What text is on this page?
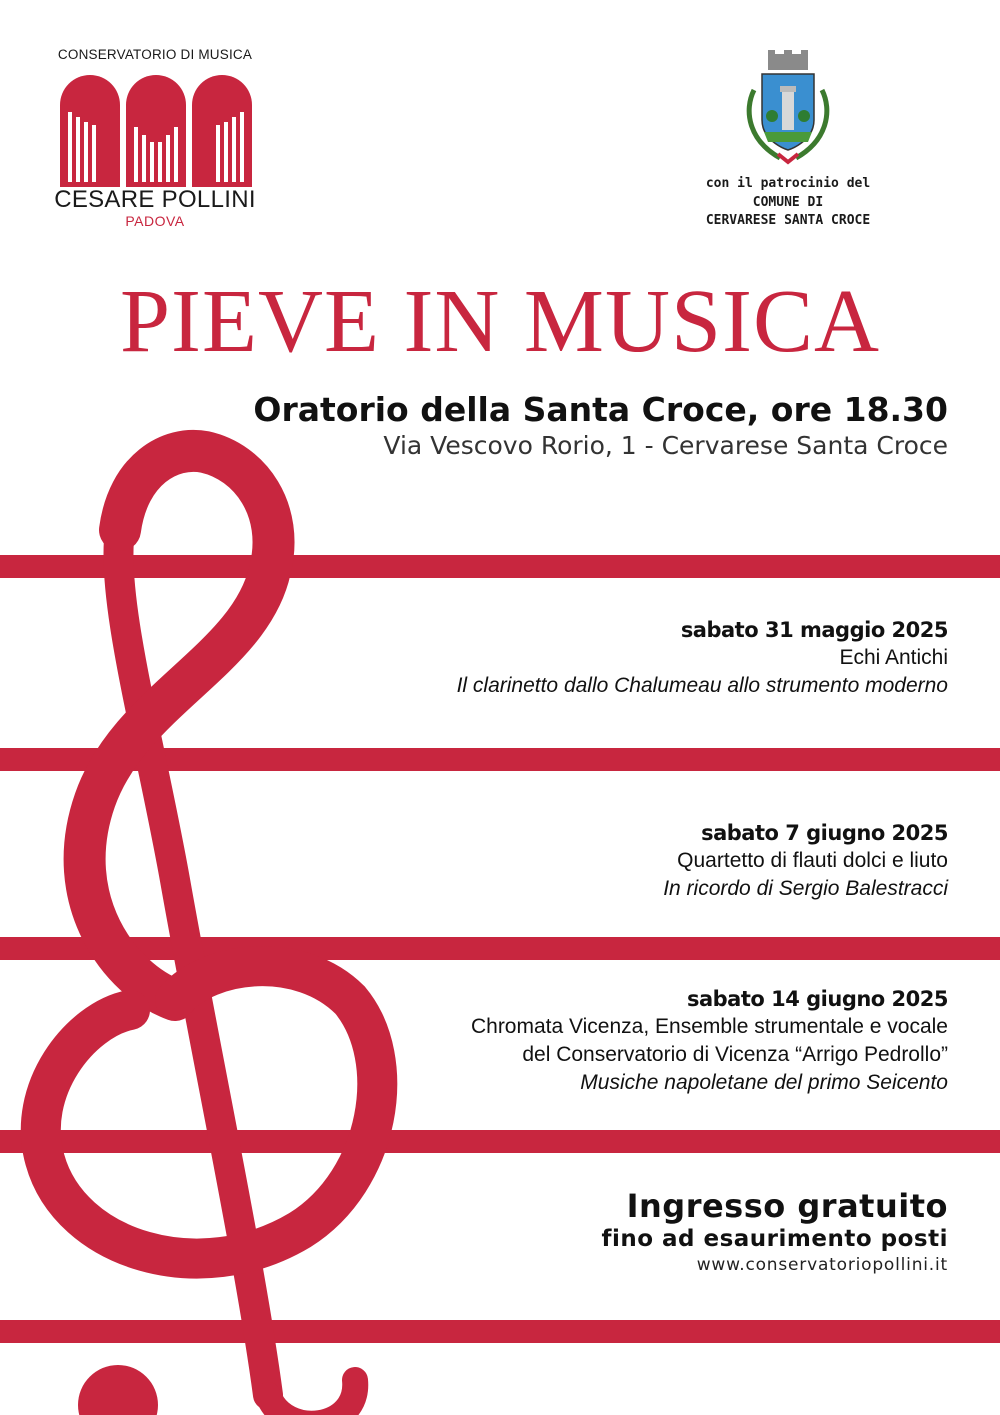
CONSERVATORIO DI MUSICA
CESARE POLLINI
PADOVA
con il patrocinio del
COMUNE DI
CERVARESE SANTA CROCE
PIEVE IN MUSICA
Oratorio della Santa Croce, ore 18.30
Via Vescovo Rorio, 1 - Cervarese Santa Croce
sabato 31 maggio 2025
Echi Antichi
Il clarinetto dallo Chalumeau allo strumento moderno
sabato 7 giugno 2025
Quartetto di flauti dolci e liuto
In ricordo di Sergio Balestracci
sabato 14 giugno 2025
Chromata Vicenza, Ensemble strumentale e vocale
del Conservatorio di Vicenza “Arrigo Pedrollo”
Musiche napoletane del primo Seicento
Ingresso gratuito
fino ad esaurimento posti
www.conservatoriopollini.it
